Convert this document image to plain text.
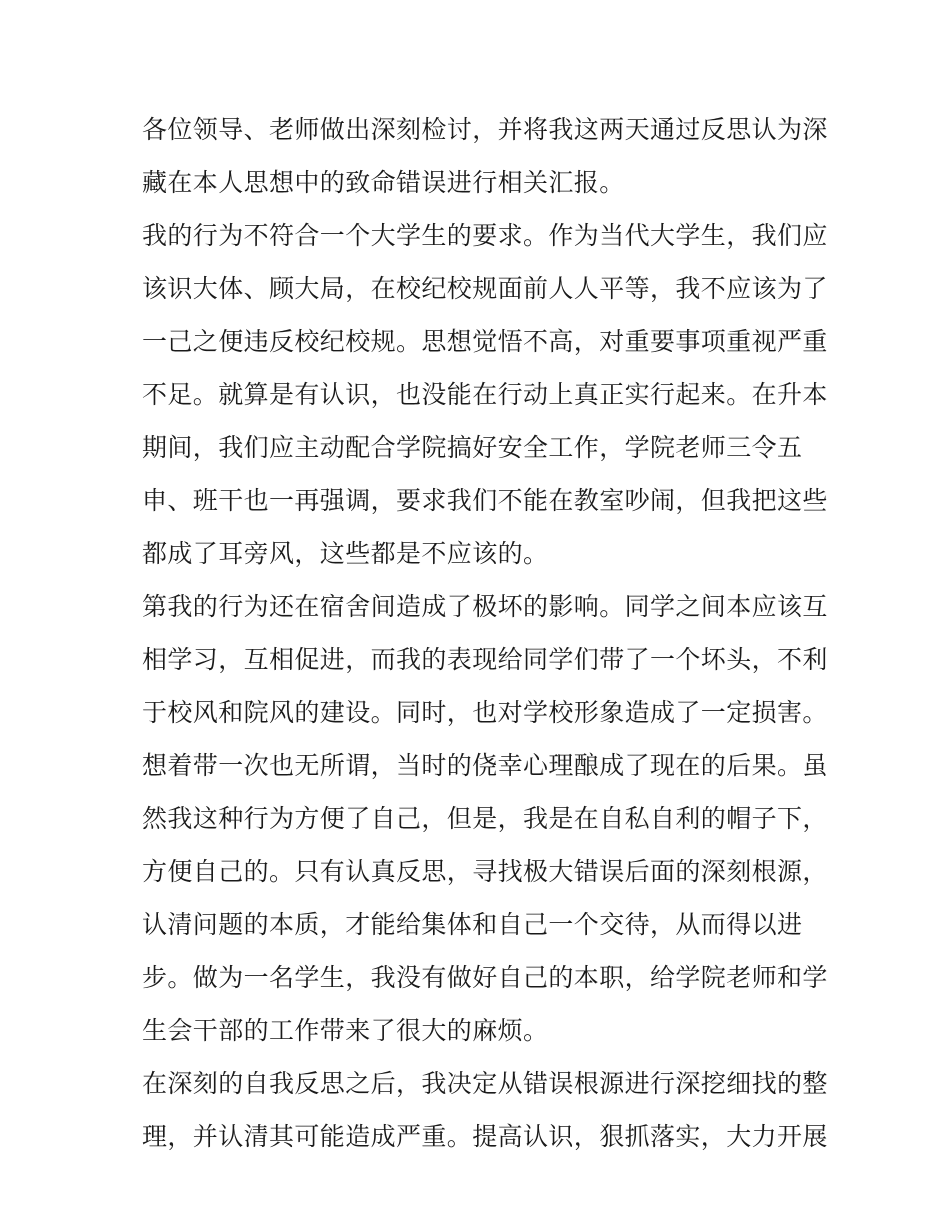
各位领导、老师做出深刻检讨，并将我这两天通过反思认为深
藏在本人思想中的致命错误进行相关汇报。
我的行为不符合一个大学生的要求。作为当代大学生，我们应
该识大体、顾大局，在校纪校规面前人人平等，我不应该为了
一己之便违反校纪校规。思想觉悟不高，对重要事项重视严重
不足。就算是有认识，也没能在行动上真正实行起来。在升本
期间，我们应主动配合学院搞好安全工作，学院老师三令五
申、班干也一再强调，要求我们不能在教室吵闹，但我把这些
都成了耳旁风，这些都是不应该的。
第我的行为还在宿舍间造成了极坏的影响。同学之间本应该互
相学习，互相促进，而我的表现给同学们带了一个坏头，不利
于校风和院风的建设。同时，也对学校形象造成了一定损害。
想着带一次也无所谓，当时的侥幸心理酿成了现在的后果。虽
然我这种行为方便了自己，但是，我是在自私自利的帽子下，
方便自己的。只有认真反思，寻找极大错误后面的深刻根源，
认清问题的本质，才能给集体和自己一个交待，从而得以进
步。做为一名学生，我没有做好自己的本职，给学院老师和学
生会干部的工作带来了很大的麻烦。
在深刻的自我反思之后，我决定从错误根源进行深挖细找的整
理，并认清其可能造成严重。提高认识，狠抓落实，大力开展
